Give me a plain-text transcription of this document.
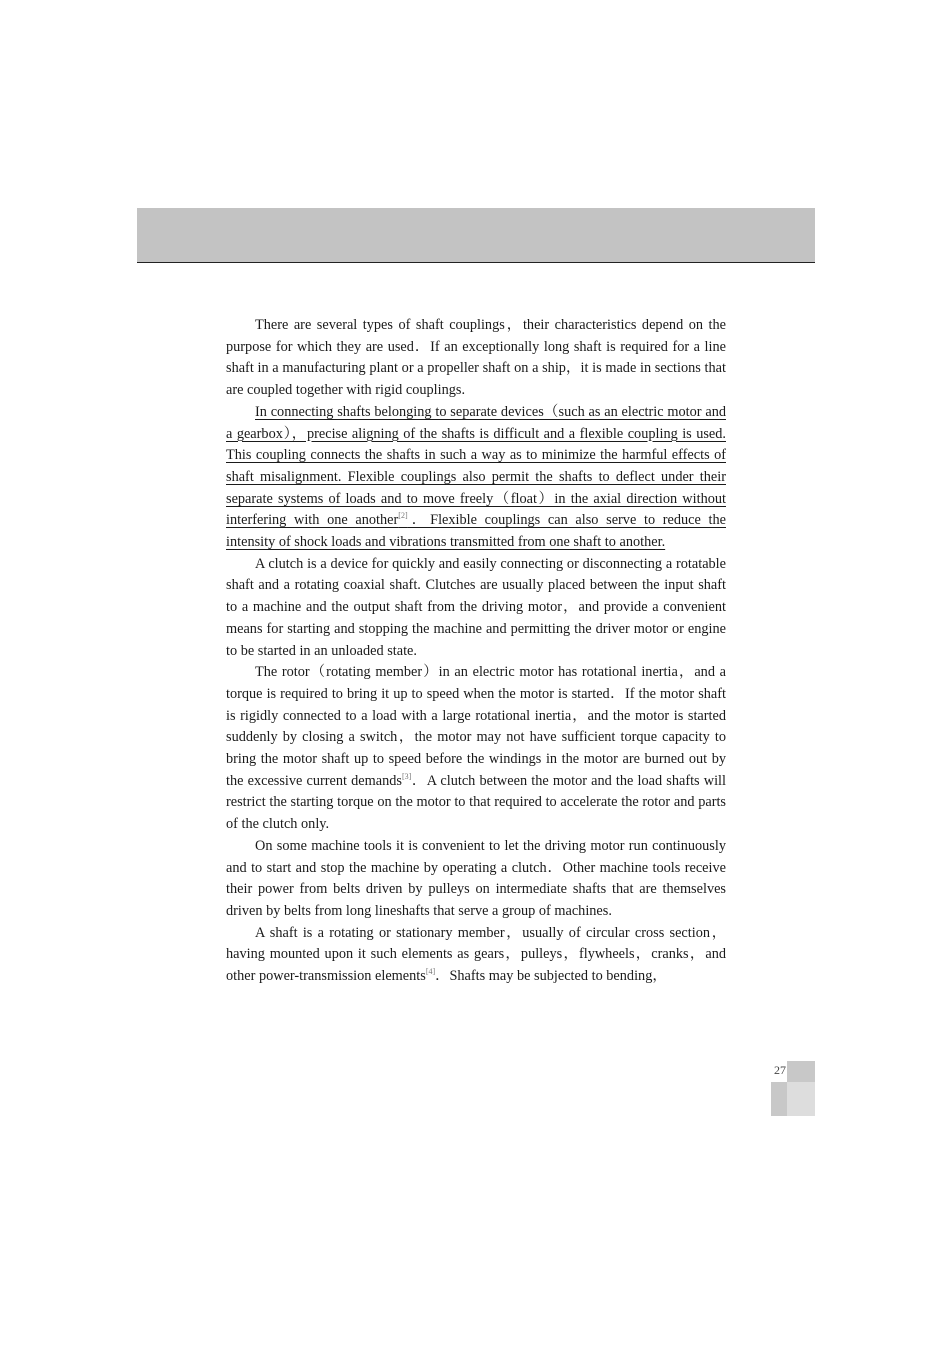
There are several types of shaft couplings，their characteristics depend on the purpose for which they are used．If an exceptionally long shaft is required for a line shaft in a manufacturing plant or a propeller shaft on a ship，it is made in sections that are coupled together with rigid couplings.

In connecting shafts belonging to separate devices（such as an electric motor and a gearbox），precise aligning of the shafts is difficult and a flexible coupling is used. This coupling connects the shafts in such a way as to minimize the harmful effects of shaft misalignment. Flexible couplings also permit the shafts to deflect under their separate systems of loads and to move freely（float）in the axial direction without interfering with one another[2]．Flexible couplings can also serve to reduce the intensity of shock loads and vibrations transmitted from one shaft to another.

A clutch is a device for quickly and easily connecting or disconnecting a rotatable shaft and a rotating coaxial shaft. Clutches are usually placed between the input shaft to a machine and the output shaft from the driving motor，and provide a convenient means for starting and stopping the machine and permitting the driver motor or engine to be started in an unloaded state.

The rotor（rotating member）in an electric motor has rotational inertia，and a torque is required to bring it up to speed when the motor is started．If the motor shaft is rigidly connected to a load with a large rotational inertia，and the motor is started suddenly by closing a switch，the motor may not have sufficient torque capacity to bring the motor shaft up to speed before the windings in the motor are burned out by the excessive current demands[3]．A clutch between the motor and the load shafts will restrict the starting torque on the motor to that required to accelerate the rotor and parts of the clutch only.

On some machine tools it is convenient to let the driving motor run continuously and to start and stop the machine by operating a clutch．Other machine tools receive their power from belts driven by pulleys on intermediate shafts that are themselves driven by belts from long lineshafts that serve a group of machines.

A shaft is a rotating or stationary member，usually of circular cross section，having mounted upon it such elements as gears，pulleys，flywheels，cranks，and other power-transmission elements[4]．Shafts may be subjected to bending，

27
